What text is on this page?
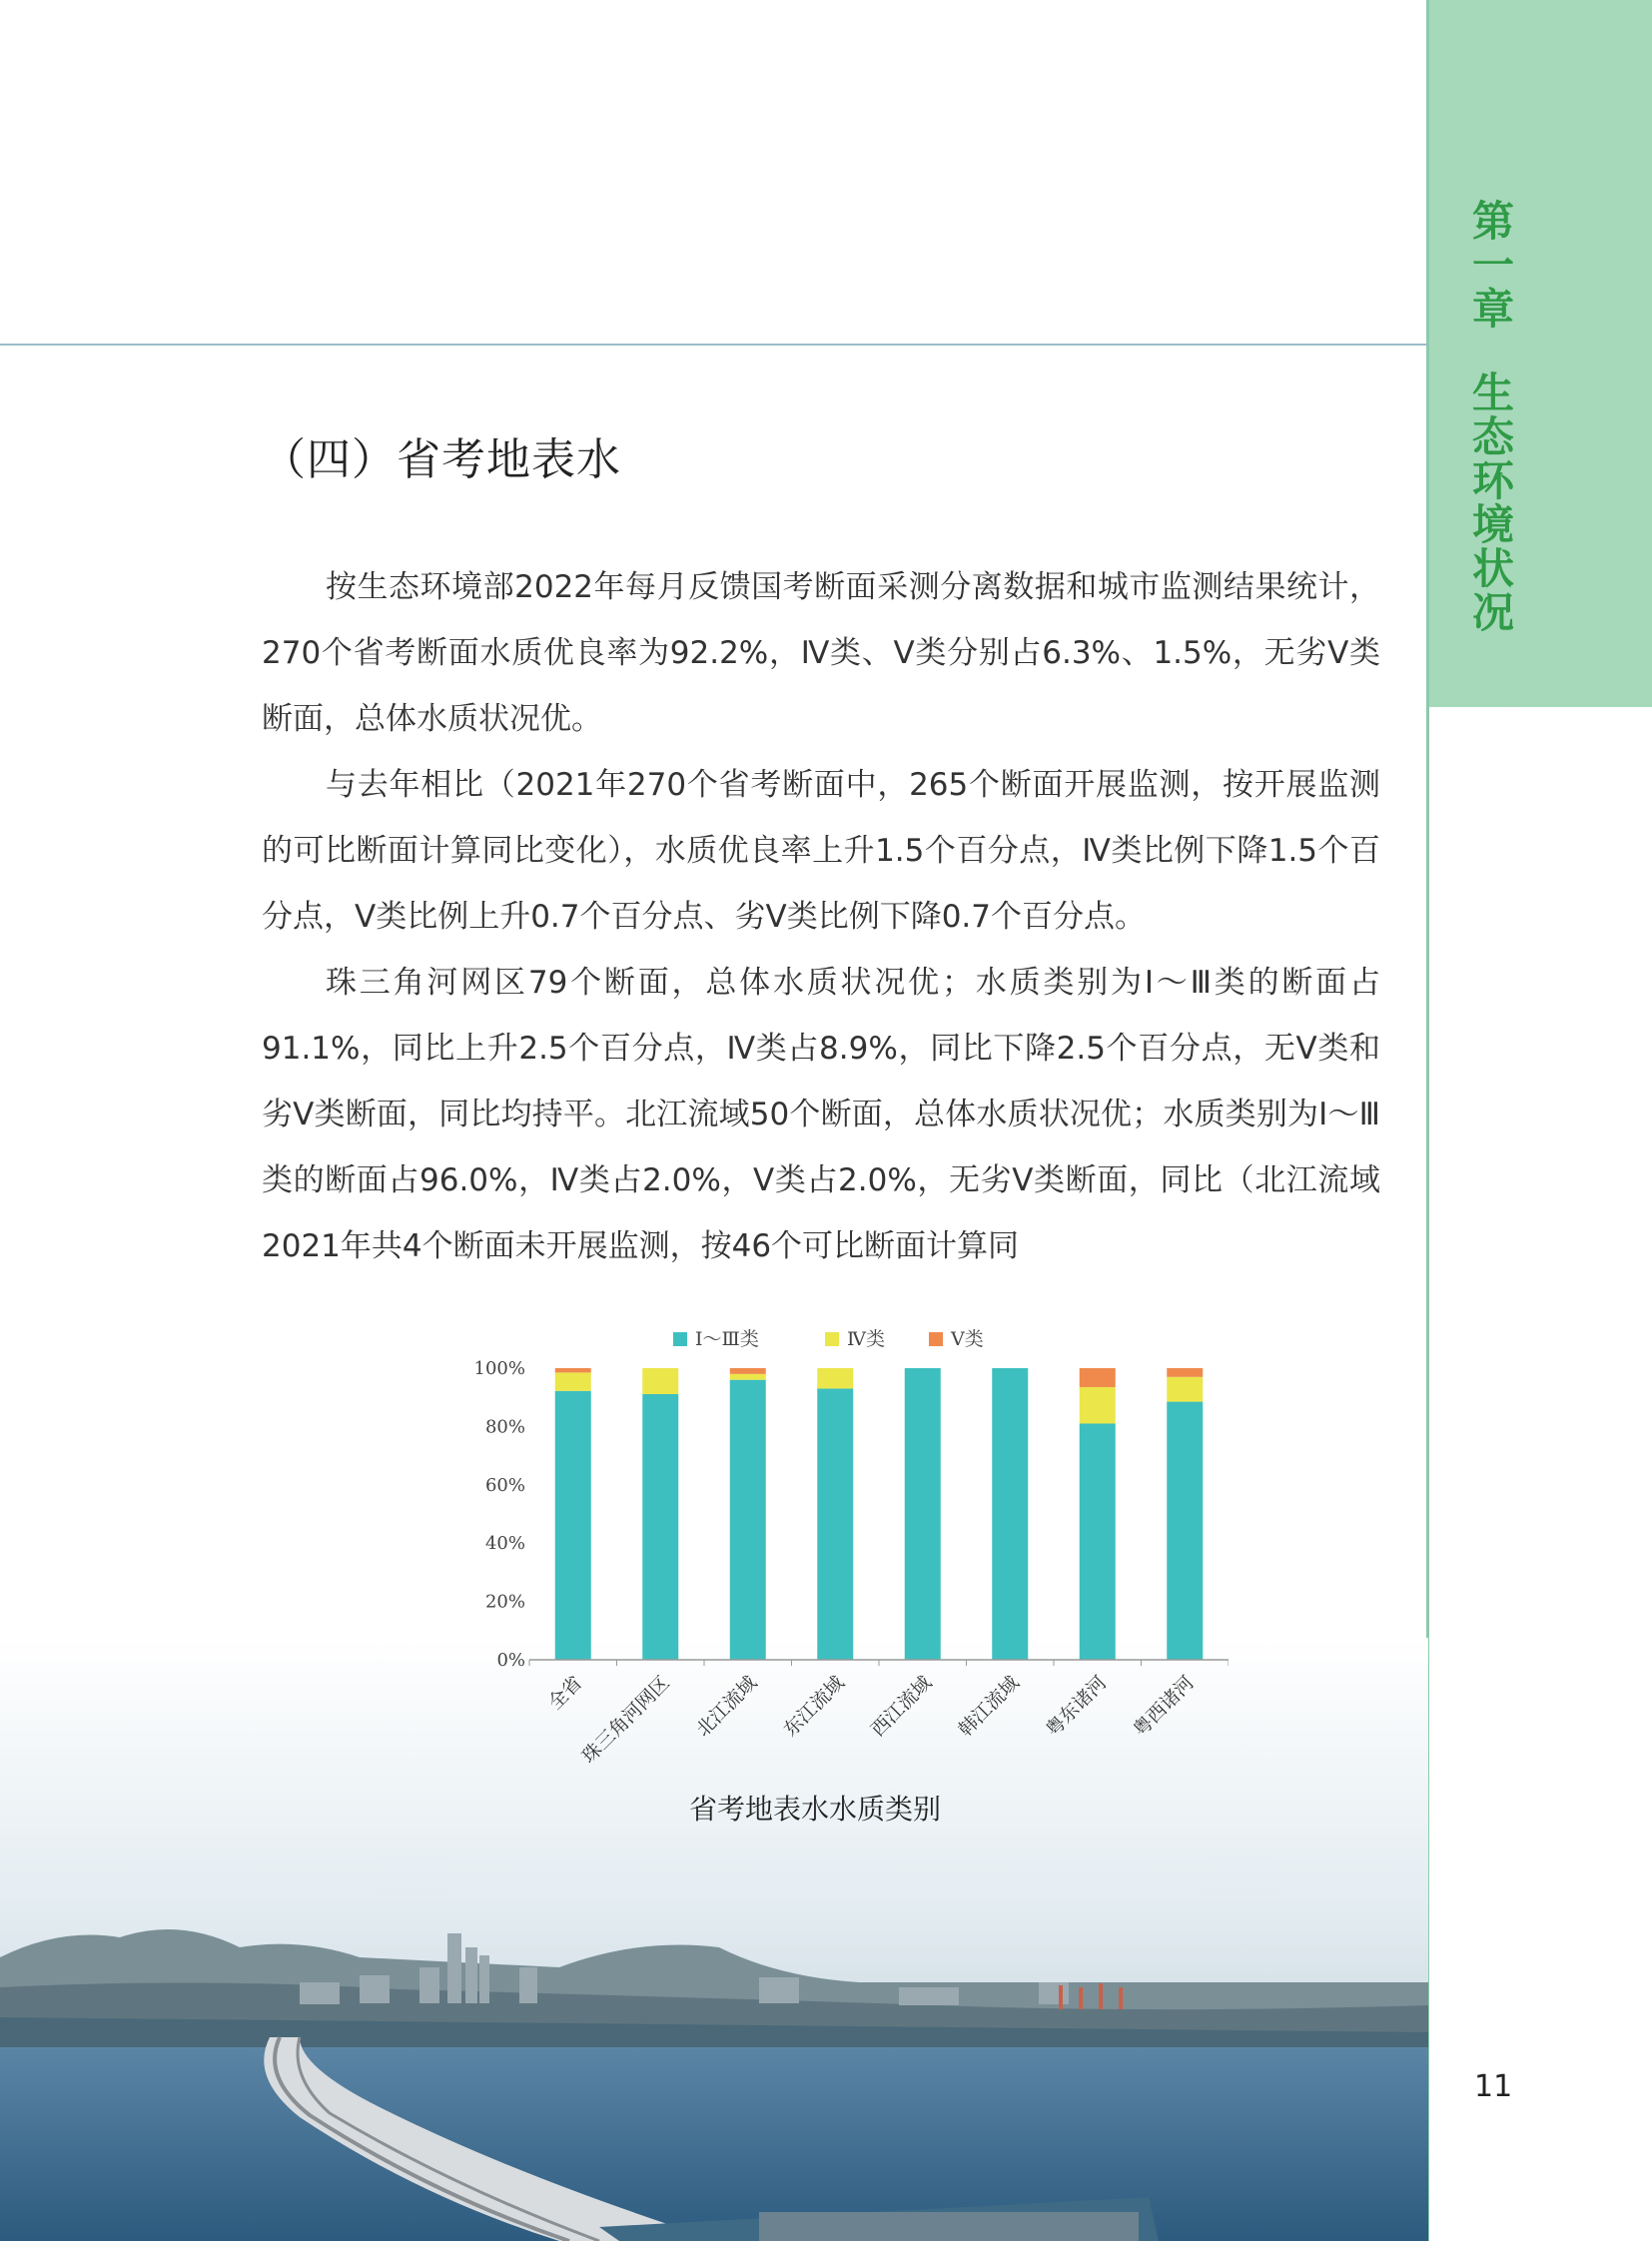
第一章
生态环境状况
（四）省考地表水

按生态环境部2022年每月反馈国考断面采测分离数据和城市监测结果统计，270个省考断面水质优良率为92.2%，Ⅳ类、Ⅴ类分别占6.3%、1.5%，无劣Ⅴ类断面，总体水质状况优。

与去年相比（2021年270个省考断面中，265个断面开展监测，按开展监测的可比断面计算同比变化），水质优良率上升1.5个百分点，Ⅳ类比例下降1.5个百分点，Ⅴ类比例上升0.7个百分点、劣Ⅴ类比例下降0.7个百分点。

珠三角河网区79个断面，总体水质状况优；水质类别为Ⅰ～Ⅲ类的断面占91.1%，同比上升2.5个百分点，Ⅳ类占8.9%，同比下降2.5个百分点，无Ⅴ类和劣Ⅴ类断面，同比均持平。北江流域50个断面，总体水质状况优；水质类别为Ⅰ～Ⅲ类的断面占96.0%，Ⅳ类占2.0%，Ⅴ类占2.0%，无劣Ⅴ类断面，同比（北江流域2021年共4个断面未开展监测，按46个可比断面计算同

Ⅰ～Ⅲ类	Ⅳ类	Ⅴ类
0%
20%
40%
60%
80%
100%
全省
珠三角河网区 北江流域 东江流域 西江流域 韩江流域 粤东诸河 粤西诸河
省考地表水水质类别
11
